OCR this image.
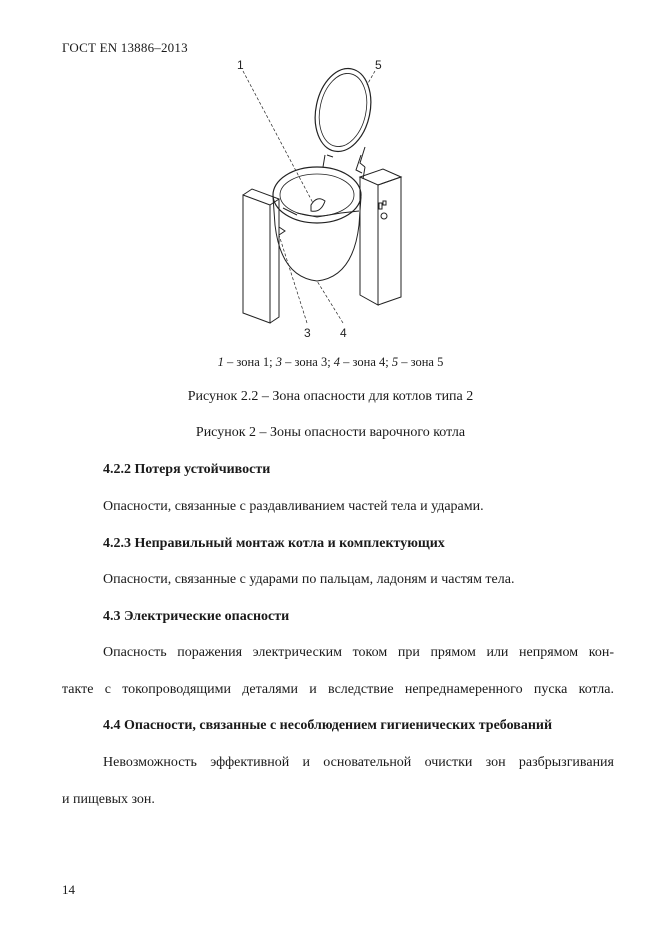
ГОСТ EN 13886–2013
1	5
3 4
1 – зона 1; 3 – зона 3; 4 – зона 4; 5 – зона 5
Рисунок 2.2 – Зона опасности для котлов типа 2
Рисунок 2 – Зоны опасности варочного котла
4.2.2 Потеря устойчивости
Опасности, связанные с раздавливанием частей тела и ударами.
4.2.3 Неправильный монтаж котла и комплектующих
Опасности, связанные с ударами по пальцам, ладоням и частям тела.
4.3 Электрические опасности
Опасность поражения электрическим током при прямом или непрямом кон-
такте с токопроводящими деталями и вследствие непреднамеренного пуска котла.
4.4 Опасности, связанные с несоблюдением гигиенических требований
Невозможность эффективной и основательной очистки зон разбрызгивания
и пищевых зон.
14
